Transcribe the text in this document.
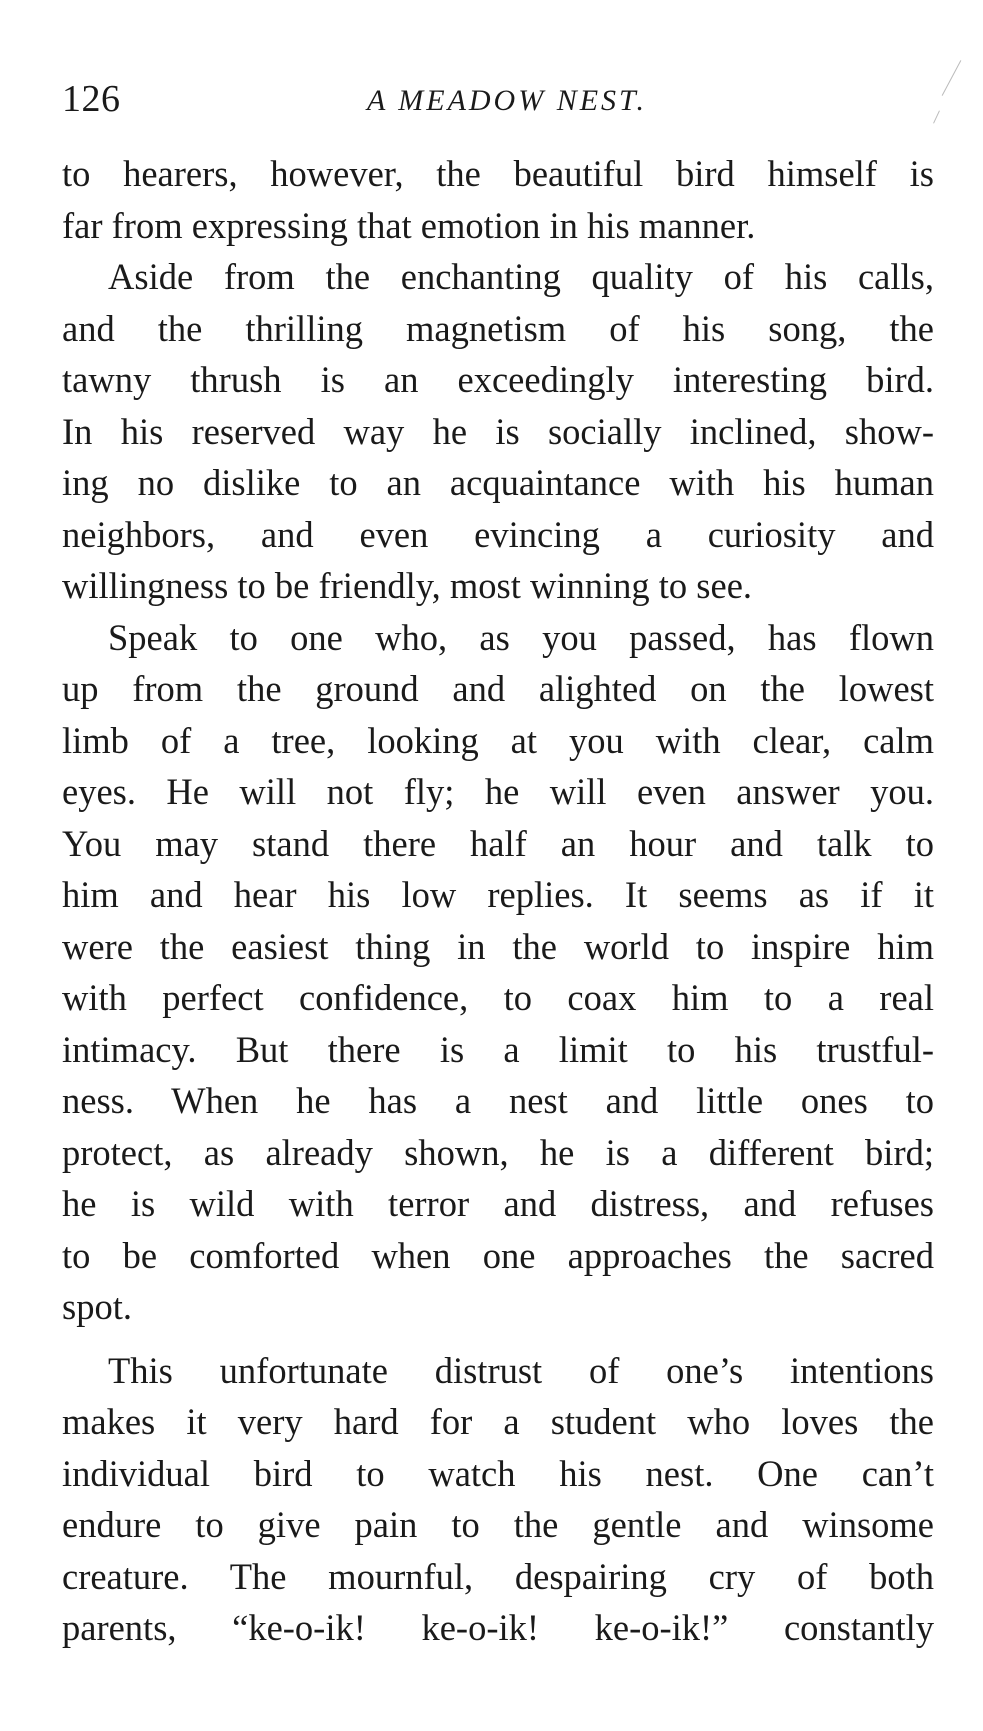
126	A MEADOW NEST.
to hearers, however, the beautiful bird himself is
far from expressing that emotion in his manner.
Aside from the enchanting quality of his calls,
and the thrilling magnetism of his song, the
tawny thrush is an exceedingly interesting bird.
In his reserved way he is socially inclined, show-
ing no dislike to an acquaintance with his human
neighbors, and even evincing a curiosity and
willingness to be friendly, most winning to see.
Speak to one who, as you passed, has flown
up from the ground and alighted on the lowest
limb of a tree, looking at you with clear, calm
eyes. He will not fly; he will even answer you.
You may stand there half an hour and talk to
him and hear his low replies. It seems as if it
were the easiest thing in the world to inspire him
with perfect confidence, to coax him to a real
intimacy. But there is a limit to his trustful-
ness. When he has a nest and little ones to
protect, as already shown, he is a different bird;
he is wild with terror and distress, and refuses
to be comforted when one approaches the sacred
spot.
This unfortunate distrust of one’s intentions
makes it very hard for a student who loves the
individual bird to watch his nest. One can’t
endure to give pain to the gentle and winsome
creature. The mournful, despairing cry of both
parents, “ke-o-ik! ke-o-ik! ke-o-ik!” constantly
